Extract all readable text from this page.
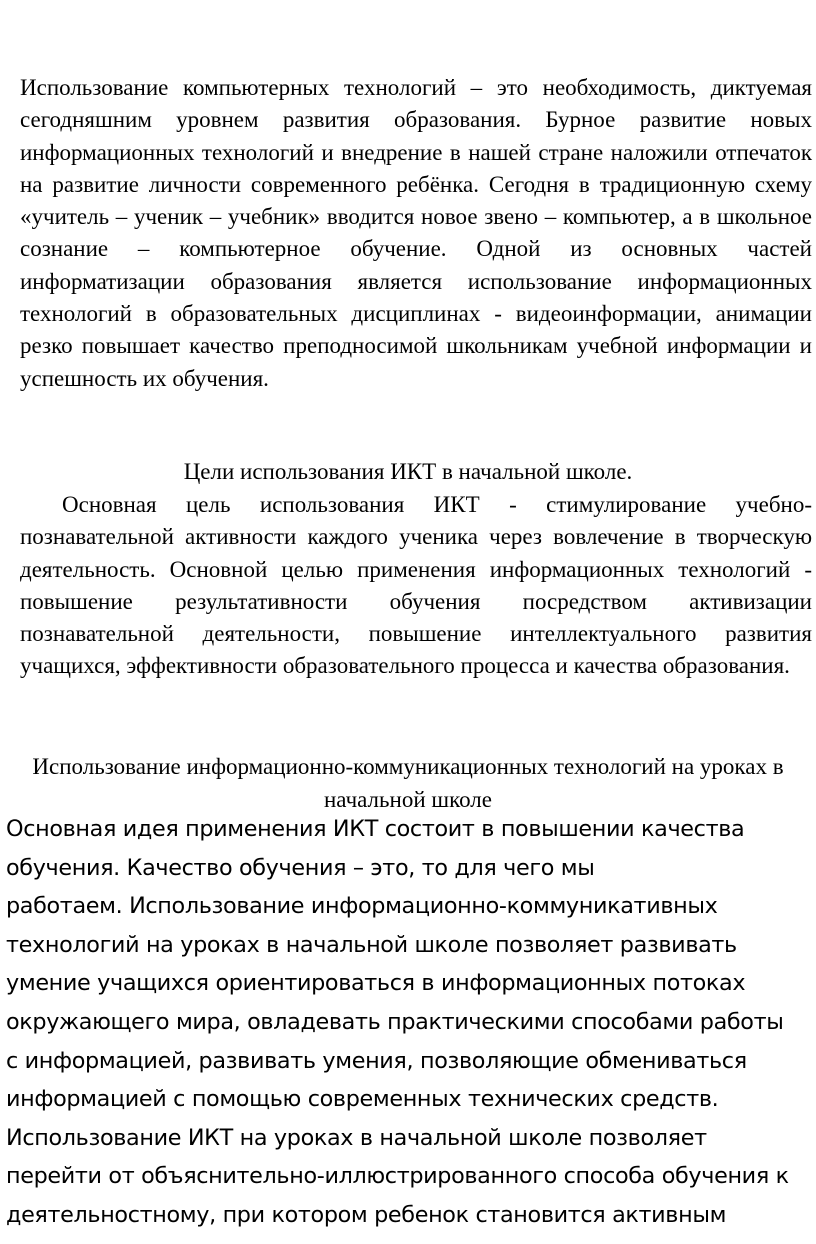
Использование компьютерных технологий – это необходимость, диктуемая сегодняшним уровнем развития образования. Бурное развитие новых информационных технологий и внедрение в нашей стране наложили отпечаток на развитие личности современного ребёнка. Сегодня в традиционную схему «учитель – ученик – учебник» вводится новое звено – компьютер, а в школьное сознание – компьютерное обучение. Одной из основных частей информатизации образования является использование информационных технологий в образовательных дисциплинах - видеоинформации, анимации резко повышает качество преподносимой школьникам учебной информации и успешность их обучения.

Цели использования ИКТ в начальной школе.

Основная цель использования ИКТ - стимулирование учебно-познавательной активности каждого ученика через вовлечение в творческую деятельность. Основной целью применения информационных технологий - повышение результативности обучения посредством активизации познавательной деятельности, повышение интеллектуального развития учащихся, эффективности образовательного процесса и качества образования.

Использование информационно-коммуникационных технологий на уроках в начальной школе
Основная идея применения ИКТ состоит в повышении качества
обучения. Качество обучения – это, то для чего мы
работаем. Использование информационно-коммуникативных
технологий на уроках в начальной школе позволяет развивать
умение учащихся ориентироваться в информационных потоках
окружающего мира, овладевать практическими способами работы
с информацией, развивать умения, позволяющие обмениваться
информацией с помощью современных технических средств.
Использование ИКТ на уроках в начальной школе позволяет
перейти от объяснительно-иллюстрированного способа обучения к
деятельностному, при котором ребенок становится активным
